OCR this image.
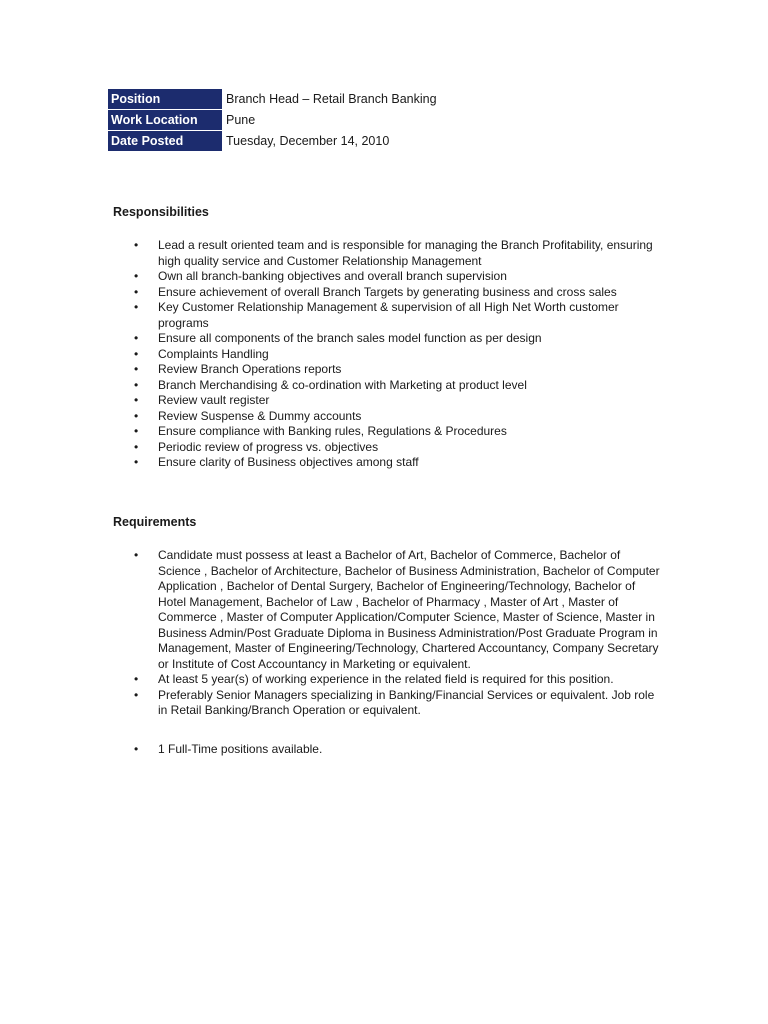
Position	Branch Head – Retail Branch Banking
Work Location	Pune
Date Posted	Tuesday, December 14, 2010
Responsibilities
• Lead a result oriented team and is responsible for managing the Branch Profitability, ensuring high quality service and Customer Relationship Management
• Own all branch-banking objectives and overall branch supervision
• Ensure achievement of overall Branch Targets by generating business and cross sales
• Key Customer Relationship Management & supervision of all High Net Worth customer programs
• Ensure all components of the branch sales model function as per design
• Complaints Handling
• Review Branch Operations reports
• Branch Merchandising & co-ordination with Marketing at product level
• Review vault register
• Review Suspense & Dummy accounts
• Ensure compliance with Banking rules, Regulations & Procedures
• Periodic review of progress vs. objectives
• Ensure clarity of Business objectives among staff
Requirements
• Candidate must possess at least a Bachelor of Art, Bachelor of Commerce, Bachelor of Science , Bachelor of Architecture, Bachelor of Business Administration, Bachelor of Computer Application , Bachelor of Dental Surgery, Bachelor of Engineering/Technology, Bachelor of Hotel Management, Bachelor of Law , Bachelor of Pharmacy , Master of Art , Master of Commerce , Master of Computer Application/Computer Science, Master of Science, Master in Business Admin/Post Graduate Diploma in Business Administration/Post Graduate Program in Management, Master of Engineering/Technology, Chartered Accountancy, Company Secretary or Institute of Cost Accountancy in Marketing or equivalent.
• At least 5 year(s) of working experience in the related field is required for this position.
• Preferably Senior Managers specializing in Banking/Financial Services or equivalent. Job role in Retail Banking/Branch Operation or equivalent.
• 1 Full-Time positions available.
